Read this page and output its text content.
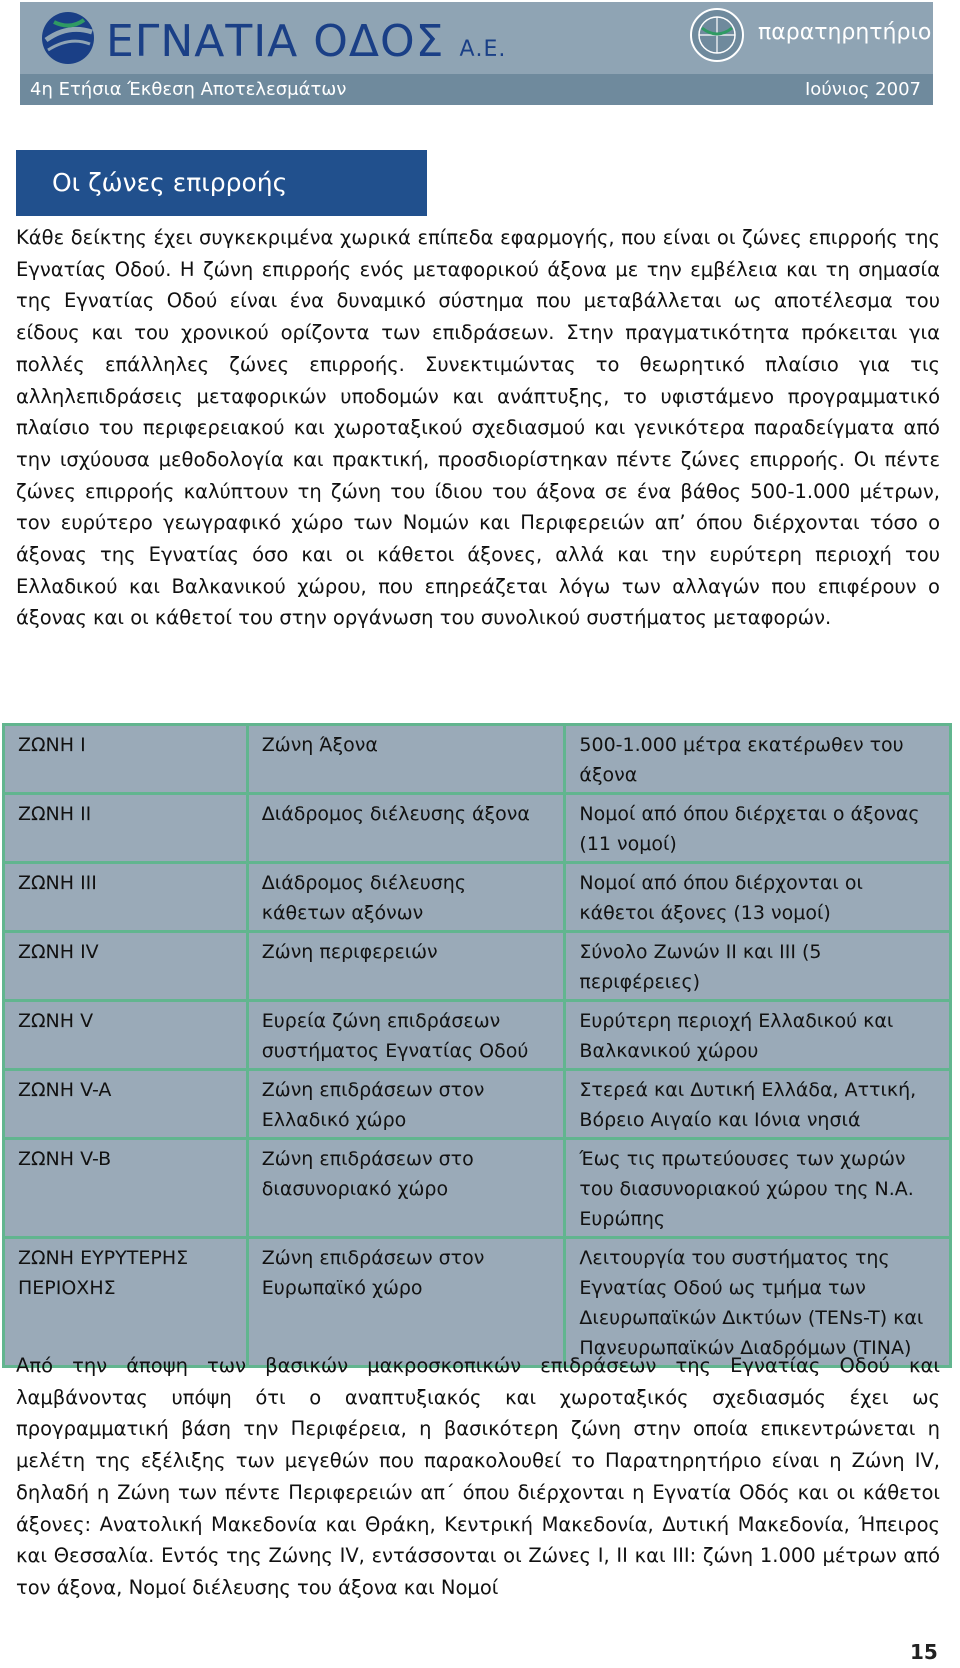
ΕΓΝΑΤΙΑ ΟΔΟΣ Α.Ε.
παρατηρητήριο
4η Ετήσια Έκθεση Αποτελεσμάτων	Ιούνιος 2007
Οι ζώνες επιρροής

Κάθε δείκτης έχει συγκεκριμένα χωρικά επίπεδα εφαρμογής, που είναι οι ζώνες επιρροής της Εγνατίας Οδού. Η ζώνη επιρροής ενός μεταφορικού άξονα με την εμβέλεια και τη σημασία της Εγνατίας Οδού είναι ένα δυναμικό σύστημα που μεταβάλλεται ως αποτέλεσμα του είδους και του χρονικού ορίζοντα των επιδράσεων. Στην πραγματικότητα πρόκειται για πολλές επάλληλες ζώνες επιρροής. Συνεκτιμώντας το θεωρητικό πλαίσιο για τις αλληλεπιδράσεις μεταφορικών υποδομών και ανάπτυξης, το υφιστάμενο προγραμματικό πλαίσιο του περιφερειακού και χωροταξικού σχεδιασμού και γενικότερα παραδείγματα από την ισχύουσα μεθοδολογία και πρακτική, προσδιορίστηκαν πέντε ζώνες επιρροής. Οι πέντε ζώνες επιρροής καλύπτουν τη ζώνη του ίδιου του άξονα σε ένα βάθος 500-1.000 μέτρων, τον ευρύτερο γεωγραφικό χώρο των Νομών και Περιφερειών απ’ όπου διέρχονται τόσο ο άξονας της Εγνατίας όσο και οι κάθετοι άξονες, αλλά και την ευρύτερη περιοχή του Ελλαδικού και Βαλκανικού χώρου, που επηρεάζεται λόγω των αλλαγών που επιφέρουν ο άξονας και οι κάθετοί του στην οργάνωση του συνολικού συστήματος μεταφορών.

ΖΩΝΗ Ι	Ζώνη Άξονα	500-1.000 μέτρα εκατέρωθεν του άξονα
ΖΩΝΗ ΙΙ	Διάδρομος διέλευσης άξονα	Νομοί από όπου διέρχεται ο άξονας (11 νομοί)
ΖΩΝΗ ΙΙΙ	Διάδρομος διέλευσης κάθετων αξόνων	Νομοί από όπου διέρχονται οι κάθετοι άξονες (13 νομοί)
ΖΩΝΗ IV	Ζώνη περιφερειών	Σύνολο Ζωνών ΙΙ και ΙΙΙ (5 περιφέρειες)
ΖΩΝΗ V	Ευρεία ζώνη επιδράσεων συστήματος Εγνατίας Οδού	Ευρύτερη περιοχή Ελλαδικού και Βαλκανικού χώρου
ΖΩΝΗ V-A	Ζώνη επιδράσεων στον Ελλαδικό χώρο	Στερεά και Δυτική Ελλάδα, Αττική, Βόρειο Αιγαίο και Ιόνια νησιά
ΖΩΝΗ V-B	Ζώνη επιδράσεων στο διασυνοριακό χώρο	Έως τις πρωτεύουσες των χωρών του διασυνοριακού χώρου της Ν.Α. Ευρώπης
ΖΩΝΗ ΕΥΡΥΤΕΡΗΣ ΠΕΡΙΟΧΗΣ	Ζώνη επιδράσεων στον Ευρωπαϊκό χώρο	Λειτουργία του συστήματος της Εγνατίας Οδού ως τμήμα των Διευρωπαϊκών Δικτύων (TENs-T) και Πανευρωπαϊκών Διαδρόμων (TINA)

Από την άποψη των βασικών μακροσκοπικών επιδράσεων της Εγνατίας Οδού και λαμβάνοντας υπόψη ότι ο αναπτυξιακός και χωροταξικός σχεδιασμός έχει ως προγραμματική βάση την Περιφέρεια, η βασικότερη ζώνη στην οποία επικεντρώνεται η μελέτη της εξέλιξης των μεγεθών που παρακολουθεί το Παρατηρητήριο είναι η Ζώνη IV, δηλαδή η Ζώνη των πέντε Περιφερειών απ΄ όπου διέρχονται η Εγνατία Οδός και οι κάθετοι άξονες: Ανατολική Μακεδονία και Θράκη, Κεντρική Μακεδονία, Δυτική Μακεδονία, Ήπειρος και Θεσσαλία. Εντός της Ζώνης IV, εντάσσονται οι Ζώνες Ι, ΙΙ και ΙΙΙ: ζώνη 1.000 μέτρων από τον άξονα, Νομοί διέλευσης του άξονα και Νομοί

15
